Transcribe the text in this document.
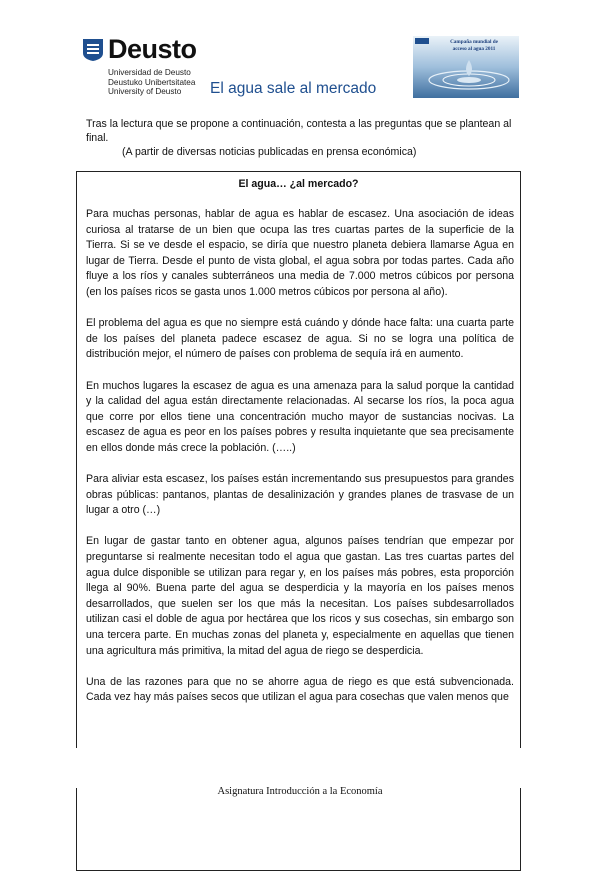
Deusto
Universidad de Deusto
Deustuko Unibertsitatea
University of Deusto	El agua sale al mercado
Campaña mundial de
acceso al agua 2011
Tras la lectura que se propone a continuación, contesta a las preguntas que se plantean al final.
(A partir de diversas noticias publicadas en prensa económica)
El agua… ¿al mercado?

Para muchas personas, hablar de agua es hablar de escasez. Una asociación de ideas curiosa al tratarse de un bien que ocupa las tres cuartas partes de la superficie de la Tierra. Si se ve desde el espacio, se diría que nuestro planeta debiera llamarse Agua en lugar de Tierra. Desde el punto de vista global, el agua sobra por todas partes. Cada año fluye a los ríos y canales subterráneos una media de 7.000 metros cúbicos por persona (en los países ricos se gasta unos 1.000 metros cúbicos por persona al año).

El problema del agua es que no siempre está cuándo y dónde hace falta: una cuarta parte de los países del planeta padece escasez de agua. Si no se logra una política de distribución mejor, el número de países con problema de sequía irá en aumento.

En muchos lugares la escasez de agua es una amenaza para la salud porque la cantidad y la calidad del agua están directamente relacionadas. Al secarse los ríos, la poca agua que corre por ellos tiene una concentración mucho mayor de sustancias nocivas. La escasez de agua es peor en los países pobres y resulta inquietante que sea precisamente en ellos donde más crece la población. (…..)

Para aliviar esta escasez, los países están incrementando sus presupuestos para grandes obras públicas: pantanos, plantas de desalinización y grandes planes de trasvase de un lugar a otro (…)

En lugar de gastar tanto en obtener agua, algunos países tendrían que empezar por preguntarse si realmente necesitan todo el agua que gastan. Las tres cuartas partes del agua dulce disponible se utilizan para regar y, en los países más pobres, esta proporción llega al 90%. Buena parte del agua se desperdicia y la mayoría en los países menos desarrollados, que suelen ser los que más la necesitan. Los países subdesarrollados utilizan casi el doble de agua por hectárea que los ricos y sus cosechas, sin embargo son una tercera parte. En muchas zonas del planeta y, especialmente en aquellas que tienen una agricultura más primitiva, la mitad del agua de riego se desperdicia.

Una de las razones para que no se ahorre agua de riego es que está subvencionada. Cada vez hay más países secos que utilizan el agua para cosechas que valen menos que

Asignatura Introducción a la Economía
